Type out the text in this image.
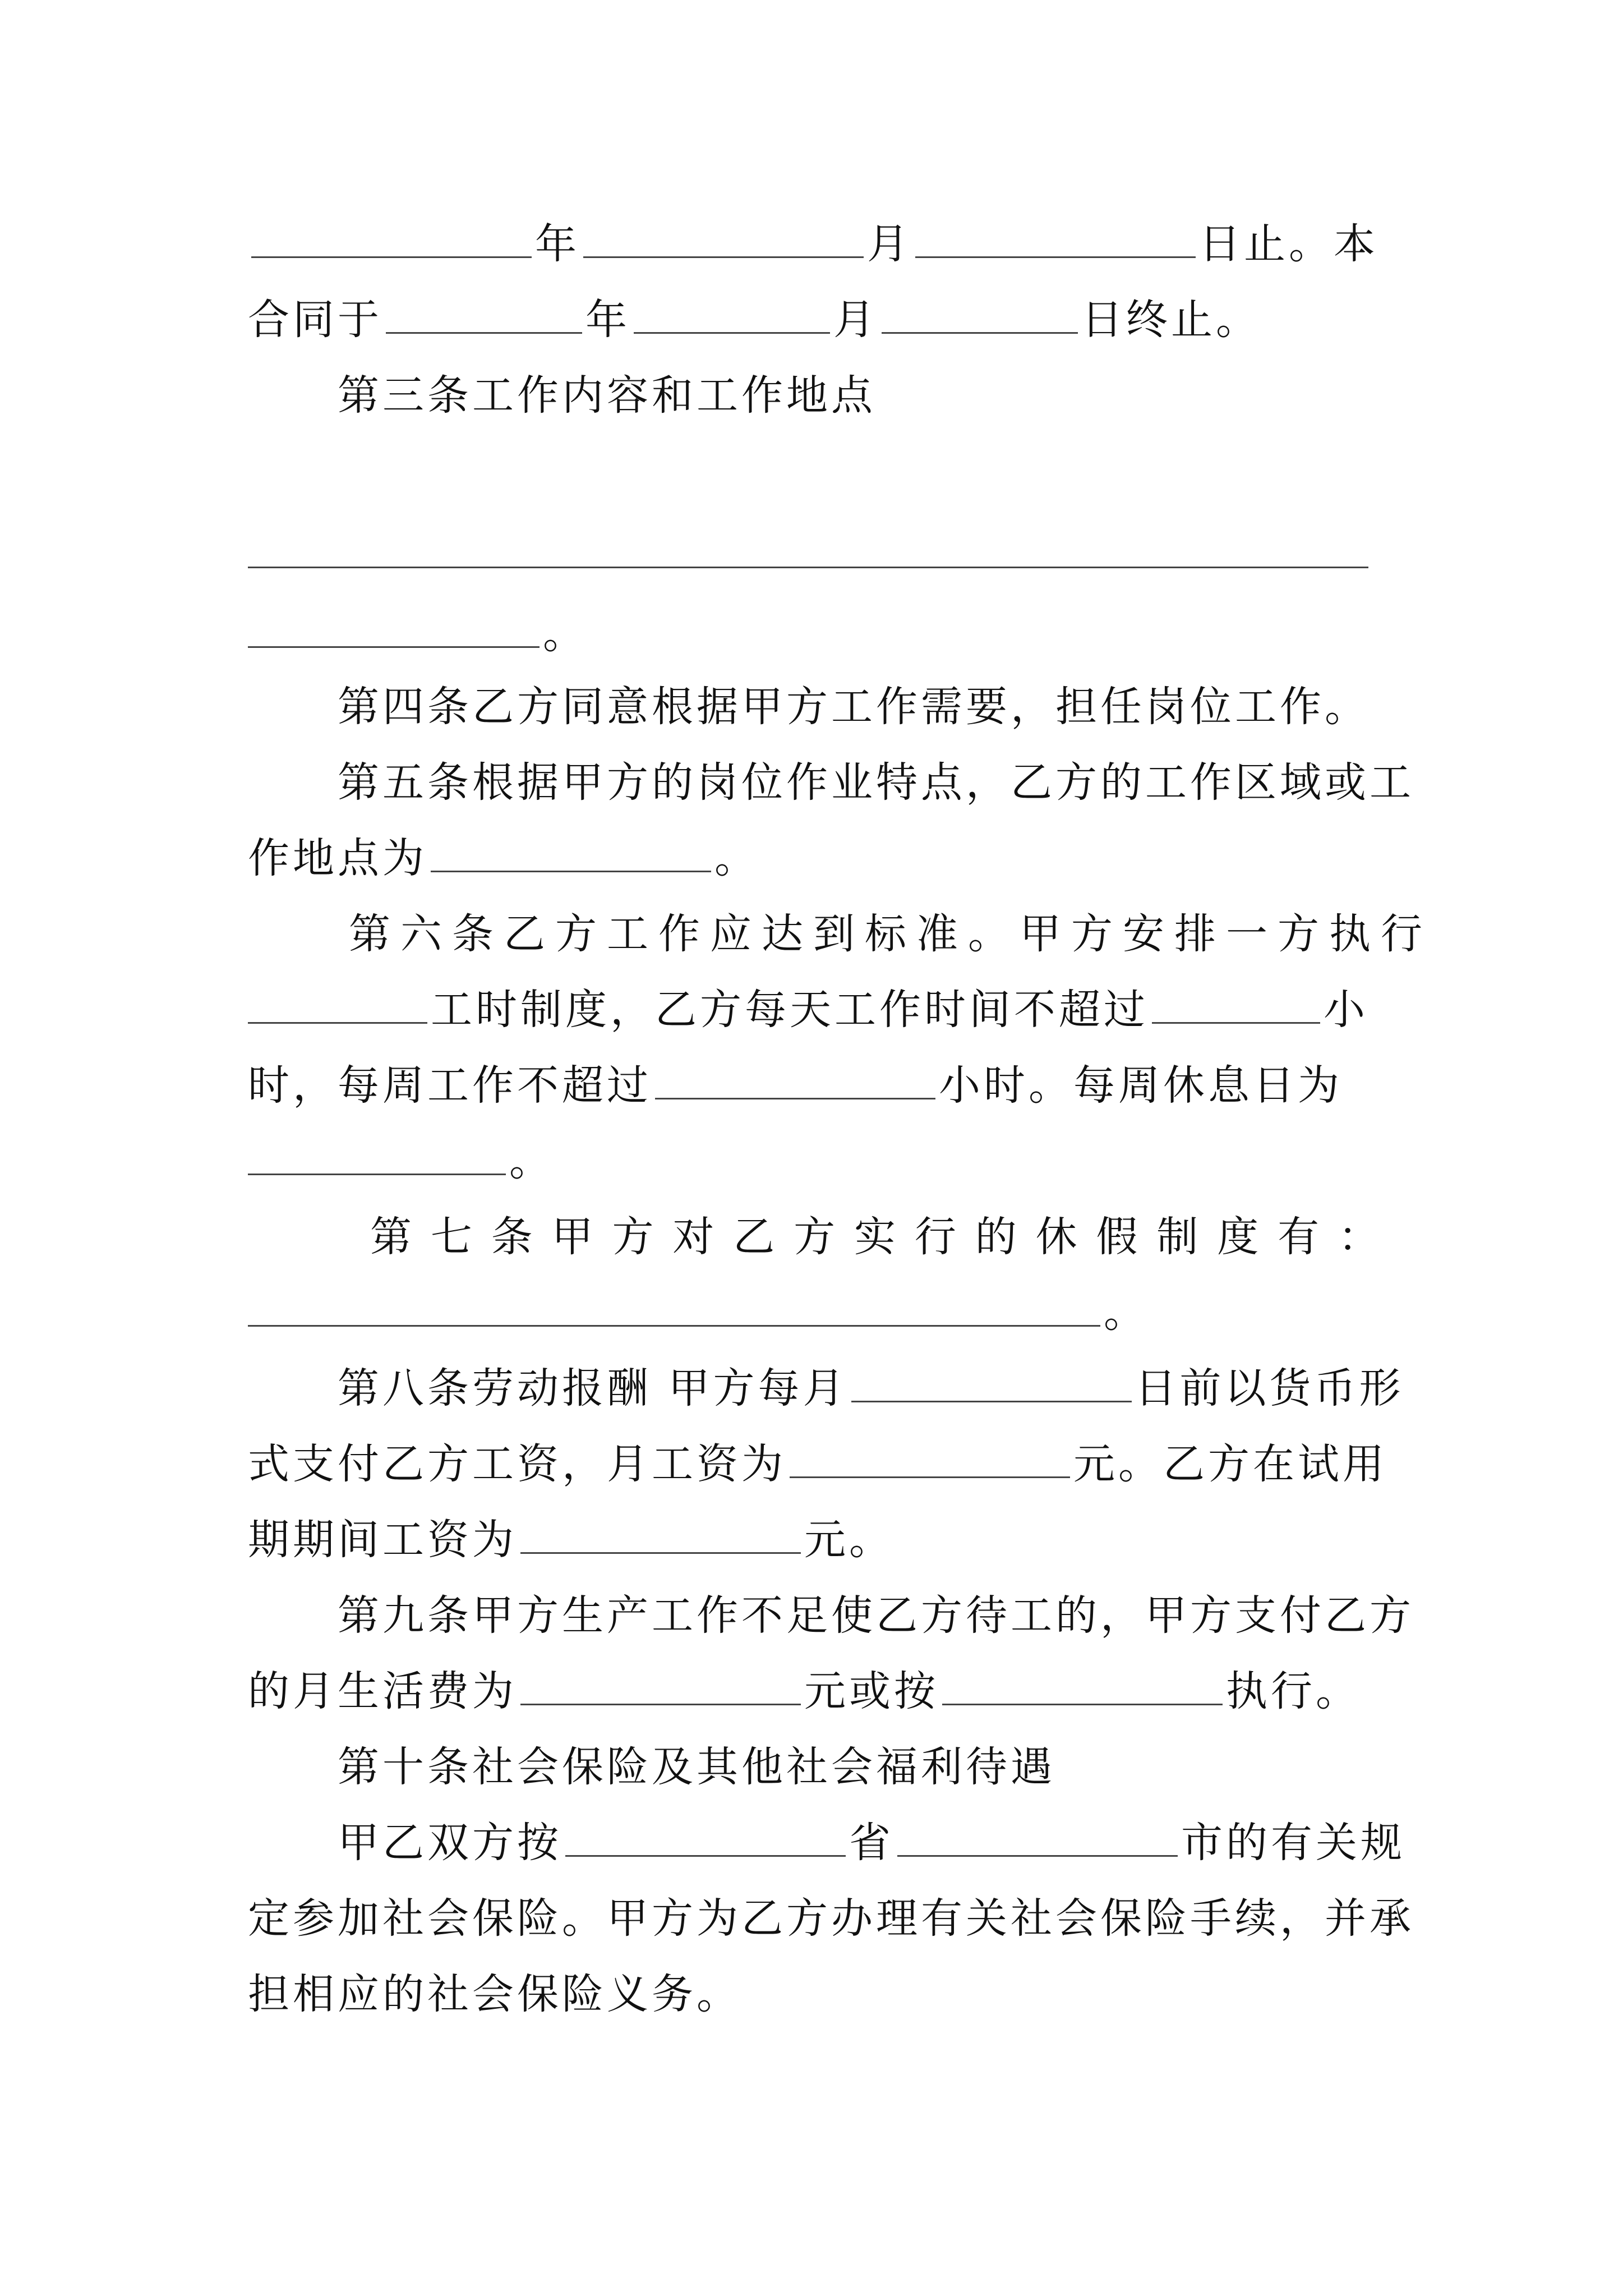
年	月	日止。本
合同于	年	月	日终止。
第三条工作内容和工作地点
。
第四条乙方同意根据甲方工作需要，担任岗位工作。
第五条根据甲方的岗位作业特点，乙方的工作区域或工
作地点为	。
第六条乙方工作应达到标准。甲方安排一方执行
工时制度，乙方每天工作时间不超过	小
时，每周工作不超过	小时。每周休息日为
。
第 七 条 甲 方 对 乙 方 实 行 的 休 假 制 度 有 ：
。
第八条劳动报酬 甲方每月	日前以货币形
式支付乙方工资，月工资为	元。乙方在试用
期期间工资为	元。
第九条甲方生产工作不足使乙方待工的，甲方支付乙方
的月生活费为	元或按	执行。
第十条社会保险及其他社会福利待遇
甲乙双方按	省	市的有关规
定参加社会保险。甲方为乙方办理有关社会保险手续，并承
担相应的社会保险义务。
